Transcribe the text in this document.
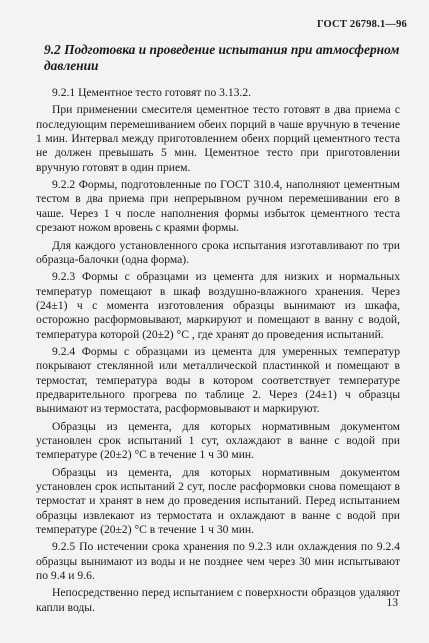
ГОСТ 26798.1—96
9.2 Подготовка и проведение испытания при атмосферном давлении

9.2.1 Цементное тесто готовят по 3.13.2.

При применении смесителя цементное тесто готовят в два приема с последующим перемешиванием обеих порций в чаше вручную в течение 1 мин. Интервал между приготовлением обеих порций цементного теста не должен превышать 5 мин. Цементное тесто при приготовлении вручную готовят в один прием.

9.2.2 Формы, подготовленные по ГОСТ 310.4, наполняют цементным тестом в два приема при непрерывном ручном перемешивании его в чаше. Через 1 ч после наполнения формы избыток цементного теста срезают ножом вровень с краями формы.

Для каждого установленного срока испытания изготавливают по три образца-балочки (одна форма).

9.2.3 Формы с образцами из цемента для низких и нормальных температур помещают в шкаф воздушно-влажного хранения. Через (24±1) ч с момента изготовления образцы вынимают из шкафа, осторожно расформовывают, маркируют и помещают в ванну с водой, температура которой (20±2) °С , где хранят до проведения испытаний.

9.2.4 Формы с образцами из цемента для умеренных температур покрывают стеклянной или металлической пластинкой и помещают в термостат, температура воды в котором соответствует температуре предварительного прогрева по таблице 2. Через (24±1) ч образцы вынимают из термостата, расформовывают и маркируют.

Образцы из цемента, для которых нормативным документом установлен срок испытаний 1 сут, охлаждают в ванне с водой при температуре (20±2) °С в течение 1 ч 30 мин.

Образцы из цемента, для которых нормативным документом установлен срок испытаний 2 сут, после расформовки снова помещают в термостат и хранят в нем до проведения испытаний. Перед испытанием образцы извлекают из термостата и охлаждают в ванне с водой при температуре (20±2) °С в течение 1 ч 30 мин.

9.2.5 По истечении срока хранения по 9.2.3 или охлаждения по 9.2.4 образцы вынимают из воды и не позднее чем через 30 мин испытывают по 9.4 и 9.6.

Непосредственно перед испытанием с поверхности образцов удаляют капли воды.	13
